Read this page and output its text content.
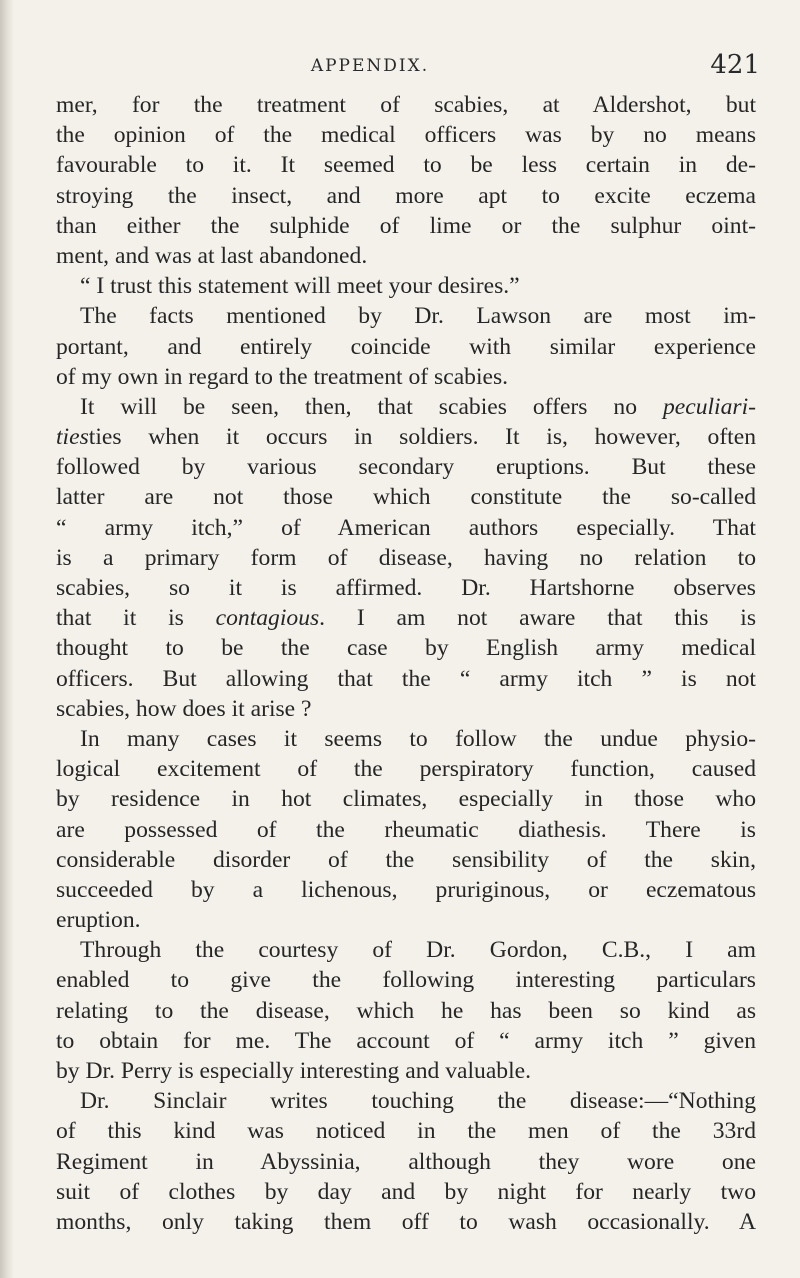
APPENDIX.	421
mer, for the treatment of scabies, at Aldershot, but
the opinion of the medical officers was by no means
favourable to it. It seemed to be less certain in de-
stroying the insect, and more apt to excite eczema
than either the sulphide of lime or the sulphur oint-
ment, and was at last abandoned.
“ I trust this statement will meet your desires.”
The facts mentioned by Dr. Lawson are most im-
portant, and entirely coincide with similar experience
of my own in regard to the treatment of scabies.
It will be seen, then, that scabies offers no peculiari-
tiesties when it occurs in soldiers. It is, however, often
followed by various secondary eruptions. But these
latter are not those which constitute the so-called
“ army itch,” of American authors especially. That
is a primary form of disease, having no relation to
scabies, so it is affirmed. Dr. Hartshorne observes
that it is contagious. I am not aware that this is
thought to be the case by English army medical
officers. But allowing that the “ army itch ” is not
scabies, how does it arise ?
In many cases it seems to follow the undue physio-
logical excitement of the perspiratory function, caused
by residence in hot climates, especially in those who
are possessed of the rheumatic diathesis. There is
considerable disorder of the sensibility of the skin,
succeeded by a lichenous, pruriginous, or eczematous
eruption.
Through the courtesy of Dr. Gordon, C.B., I am
enabled to give the following interesting particulars
relating to the disease, which he has been so kind as
to obtain for me. The account of “ army itch ” given
by Dr. Perry is especially interesting and valuable.
Dr. Sinclair writes touching the disease:—“Nothing
of this kind was noticed in the men of the 33rd
Regiment in Abyssinia, although they wore one
suit of clothes by day and by night for nearly two
months, only taking them off to wash occasionally. A
